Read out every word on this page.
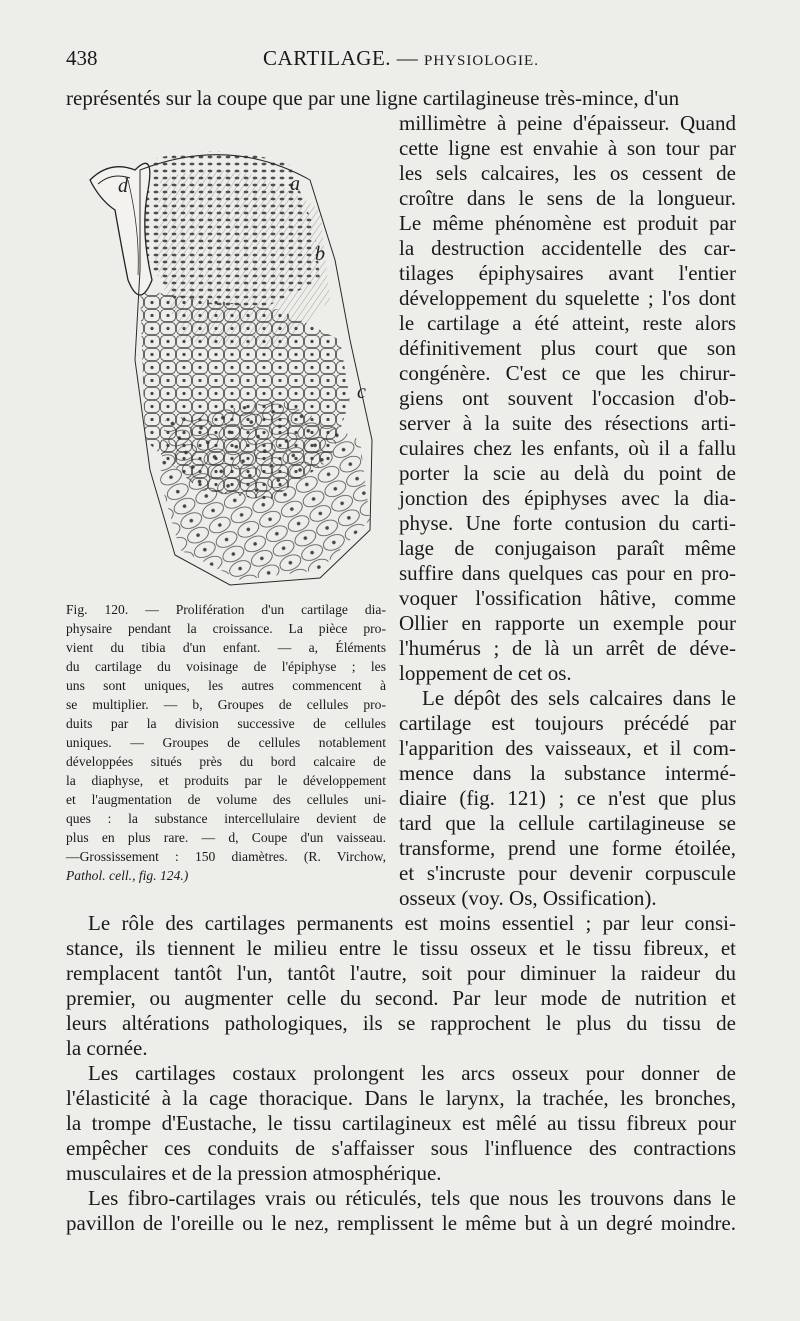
438	CARTILAGE. — PHYSIOLOGIE.
représentés sur la coupe que par une ligne cartilagineuse très-mince, d'un
d	a
b
c
Fig. 120. — Prolifération d'un cartilage dia-
physaire pendant la croissance. La pièce pro-
vient du tibia d'un enfant. — a, Éléments
du cartilage du voisinage de l'épiphyse ; les
uns sont uniques, les autres commencent à
se multiplier. — b, Groupes de cellules pro-
duits par la division successive de cellules
uniques. — Groupes de cellules notablement
développées situés près du bord calcaire de
la diaphyse, et produits par le développement
et l'augmentation de volume des cellules uni-
ques : la substance intercellulaire devient de
plus en plus rare. — d, Coupe d'un vaisseau.
—Grossissement : 150 diamètres. (R. Virchow,
Pathol. cell., fig. 124.)
millimètre à peine d'épaisseur. Quand
cette ligne est envahie à son tour par
les sels calcaires, les os cessent de
croître dans le sens de la longueur.
Le même phénomène est produit par
la destruction accidentelle des car-
tilages épiphysaires avant l'entier
développement du squelette ; l'os dont
le cartilage a été atteint, reste alors
définitivement plus court que son
congénère. C'est ce que les chirur-
giens ont souvent l'occasion d'ob-
server à la suite des résections arti-
culaires chez les enfants, où il a fallu
porter la scie au delà du point de
jonction des épiphyses avec la dia-
physe. Une forte contusion du carti-
lage de conjugaison paraît même
suffire dans quelques cas pour en pro-
voquer l'ossification hâtive, comme
Ollier en rapporte un exemple pour
l'humérus ; de là un arrêt de déve-
loppement de cet os.
Le dépôt des sels calcaires dans le
cartilage est toujours précédé par
l'apparition des vaisseaux, et il com-
mence dans la substance intermé-
diaire (fig. 121) ; ce n'est que plus
tard que la cellule cartilagineuse se
transforme, prend une forme étoilée,
et s'incruste pour devenir corpuscule
osseux (voy. Os, Ossification).
Le rôle des cartilages permanents est moins essentiel ; par leur consi-
stance, ils tiennent le milieu entre le tissu osseux et le tissu fibreux, et
remplacent tantôt l'un, tantôt l'autre, soit pour diminuer la raideur du
premier, ou augmenter celle du second. Par leur mode de nutrition et
leurs altérations pathologiques, ils se rapprochent le plus du tissu de
la cornée.
Les cartilages costaux prolongent les arcs osseux pour donner de
l'élasticité à la cage thoracique. Dans le larynx, la trachée, les bronches,
la trompe d'Eustache, le tissu cartilagineux est mêlé au tissu fibreux pour
empêcher ces conduits de s'affaisser sous l'influence des contractions
musculaires et de la pression atmosphérique.
Les fibro-cartilages vrais ou réticulés, tels que nous les trouvons dans le
pavillon de l'oreille ou le nez, remplissent le même but à un degré moindre.
